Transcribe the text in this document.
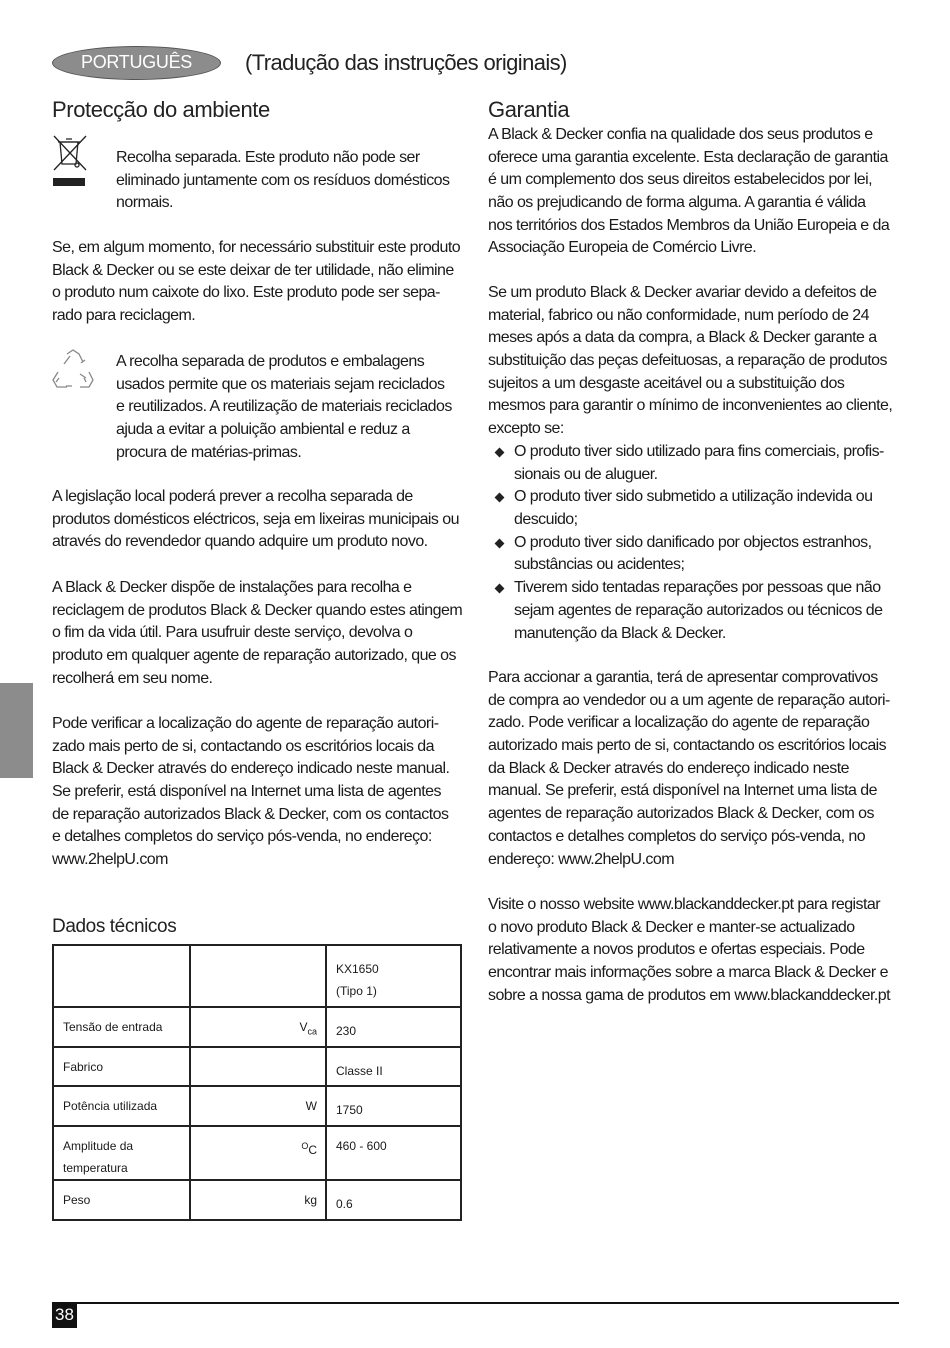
PORTUGUÊS	(Tradução das instruções originais)
Protecção do ambiente
Recolha separada. Este produto não pode ser
eliminado juntamente com os resíduos domésticos
normais.
Se, em algum momento, for necessário substituir este produto
Black & Decker ou se este deixar de ter utilidade, não elimine
o produto num caixote do lixo. Este produto pode ser sepa-
rado para reciclagem.
A recolha separada de produtos e embalagens
usados permite que os materiais sejam reciclados
e reutilizados. A reutilização de materiais reciclados
ajuda a evitar a poluição ambiental e reduz a
procura de matérias-primas.
A legislação local poderá prever a recolha separada de
produtos domésticos eléctricos, seja em lixeiras municipais ou
através do revendedor quando adquire um produto novo.
A Black & Decker dispõe de instalações para recolha e
reciclagem de produtos Black & Decker quando estes atingem
o fim da vida útil. Para usufruir deste serviço, devolva o
produto em qualquer agente de reparação autorizado, que os
recolherá em seu nome.
Pode verificar a localização do agente de reparação autori-
zado mais perto de si, contactando os escritórios locais da
Black & Decker através do endereço indicado neste manual.
Se preferir, está disponível na Internet uma lista de agentes
de reparação autorizados Black & Decker, com os contactos
e detalhes completos do serviço pós-venda, no endereço:
www.2helpU.com
Dados técnicos
		KX1650
(Tipo 1)
Tensão de entrada	$V_{ca}$	230
Fabrico		Classe II
Potência utilizada	W	1750
Amplitude da temperatura	$^O$C	460 - 600
Peso	kg	0.6
Garantia
A Black & Decker confia na qualidade dos seus produtos e
oferece uma garantia excelente. Esta declaração de garantia
é um complemento dos seus direitos estabelecidos por lei,
não os prejudicando de forma alguma. A garantia é válida
nos territórios dos Estados Membros da União Europeia e da
Associação Europeia de Comércio Livre.
Se um produto Black & Decker avariar devido a defeitos de
material, fabrico ou não conformidade, num período de 24
meses após a data da compra, a Black & Decker garante a
substituição das peças defeituosas, a reparação de produtos
sujeitos a um desgaste aceitável ou a substituição dos
mesmos para garantir o mínimo de inconvenientes ao cliente,
excepto se:
O produto tiver sido utilizado para fins comerciais, profis-
sionais ou de aluguer.
O produto tiver sido submetido a utilização indevida ou
descuido;
O produto tiver sido danificado por objectos estranhos,
substâncias ou acidentes;
Tiverem sido tentadas reparações por pessoas que não
sejam agentes de reparação autorizados ou técnicos de
manutenção da Black & Decker.
Para accionar a garantia, terá de apresentar comprovativos
de compra ao vendedor ou a um agente de reparação autori-
zado. Pode verificar a localização do agente de reparação
autorizado mais perto de si, contactando os escritórios locais
da Black & Decker através do endereço indicado neste
manual. Se preferir, está disponível na Internet uma lista de
agentes de reparação autorizados Black & Decker, com os
contactos e detalhes completos do serviço pós-venda, no
endereço: www.2helpU.com
Visite o nosso website www.blackanddecker.pt para registar
o novo produto Black & Decker e manter-se actualizado
relativamente a novos produtos e ofertas especiais. Pode
encontrar mais informações sobre a marca Black & Decker e
sobre a nossa gama de produtos em www.blackanddecker.pt
38
